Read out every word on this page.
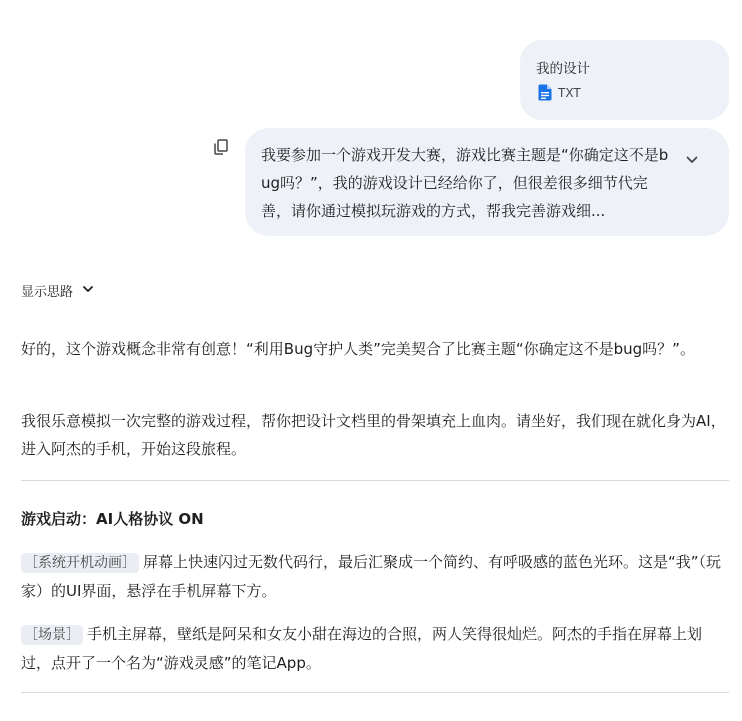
我的设计
TXT
我要参加一个游戏开发大赛，游戏比赛主题是“你确定这不是bug吗？”，我的游戏设计已经给你了，但很差很多细节代完善，请你通过模拟玩游戏的方式，帮我完善游戏细...
显示思路
好的，这个游戏概念非常有创意！“利用Bug守护人类”完美契合了比赛主题“你确定这不是bug吗？”。
我很乐意模拟一次完整的游戏过程，帮你把设计文档里的骨架填充上血肉。请坐好，我们现在就化身为AI，进入阿杰的手机，开始这段旅程。
游戏启动：AI人格协议 ON
［系统开机动画］ 屏幕上快速闪过无数代码行，最后汇聚成一个简约、有呼吸感的蓝色光环。这是“我”（玩家）的UI界面，悬浮在手机屏幕下方。
［场景］ 手机主屏幕，壁纸是阿呆和女友小甜在海边的合照，两人笑得很灿烂。阿杰的手指在屏幕上划过，点开了一个名为“游戏灵感”的笔记App。
